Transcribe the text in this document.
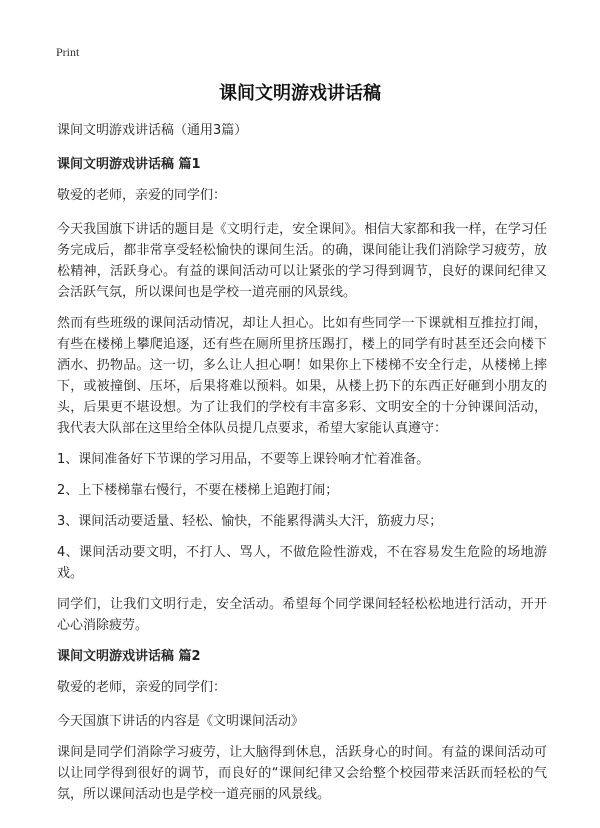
Print
课间文明游戏讲话稿
课间文明游戏讲话稿（通用3篇）
课间文明游戏讲话稿 篇1
敬爱的老师，亲爱的同学们：
今天我国旗下讲话的题目是《文明行走，安全课间》。相信大家都和我一样，在学习任务完成后，都非常享受轻松愉快的课间生活。的确，课间能让我们消除学习疲劳，放松精神，活跃身心。有益的课间活动可以让紧张的学习得到调节，良好的课间纪律又会活跃气氛，所以课间也是学校一道亮丽的风景线。
然而有些班级的课间活动情况，却让人担心。比如有些同学一下课就相互推拉打闹，有些在楼梯上攀爬追逐，还有些在厕所里挤压踢打，楼上的同学有时甚至还会向楼下洒水、扔物品。这一切，多么让人担心啊！如果你上下楼梯不安全行走，从楼梯上摔下，或被撞倒、压坏，后果将难以预料。如果，从楼上扔下的东西正好砸到小朋友的头，后果更不堪设想。为了让我们的学校有丰富多彩、文明安全的十分钟课间活动，我代表大队部在这里给全体队员提几点要求，希望大家能认真遵守：
1、课间准备好下节课的学习用品，不要等上课铃响才忙着准备。
2、上下楼梯靠右慢行，不要在楼梯上追跑打闹；
3、课间活动要适量、轻松、愉快，不能累得满头大汗，筋疲力尽；
4、课间活动要文明，不打人、骂人，不做危险性游戏，不在容易发生危险的场地游戏。
同学们，让我们文明行走，安全活动。希望每个同学课间轻轻松松地进行活动，开开心心消除疲劳。
课间文明游戏讲话稿 篇2
敬爱的老师，亲爱的同学们：
今天国旗下讲话的内容是《文明课间活动》
课间是同学们消除学习疲劳，让大脑得到休息，活跃身心的时间。有益的课间活动可以让同学得到很好的调节，而良好的“课间纪律又会给整个校园带来活跃而轻松的气氛，所以课间活动也是学校一道亮丽的风景线。
